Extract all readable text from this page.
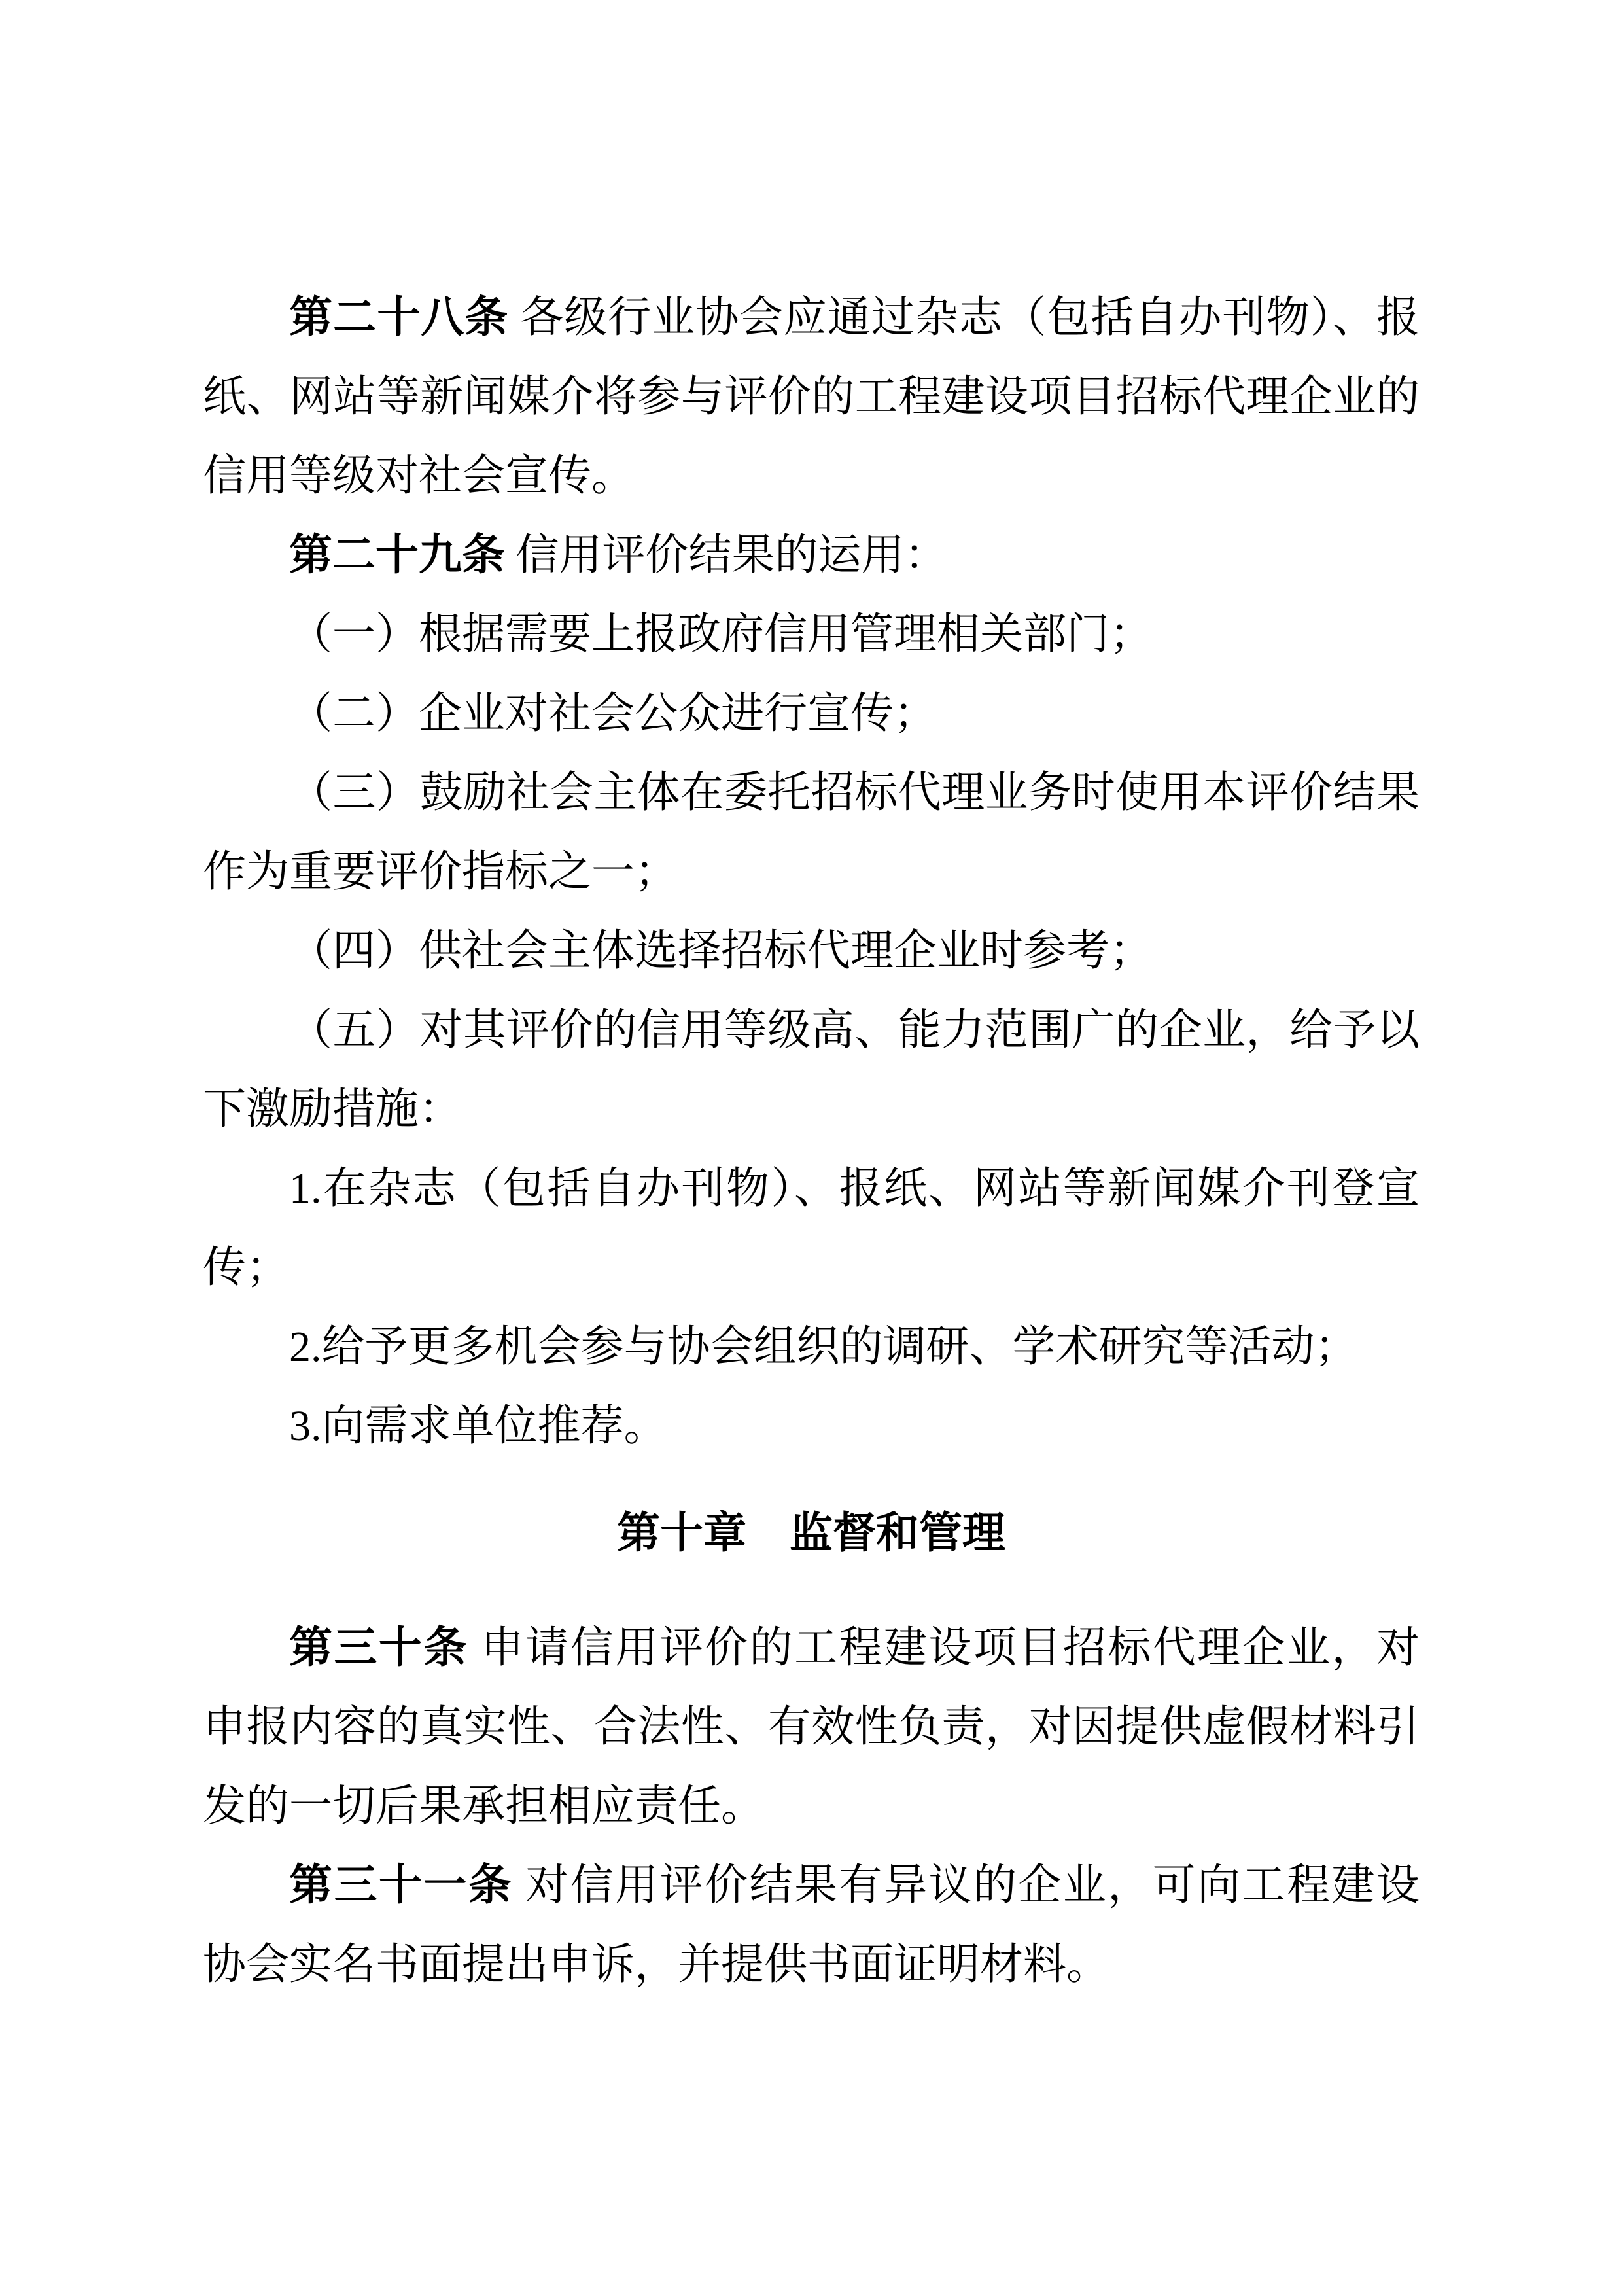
第二十八条 各级行业协会应通过杂志（包括自办刊物）、报纸、网站等新闻媒介将参与评价的工程建设项目招标代理企业的信用等级对社会宣传。

第二十九条 信用评价结果的运用：

（一）根据需要上报政府信用管理相关部门；

（二）企业对社会公众进行宣传；

（三）鼓励社会主体在委托招标代理业务时使用本评价结果作为重要评价指标之一；

（四）供社会主体选择招标代理企业时参考；

（五）对其评价的信用等级高、能力范围广的企业，给予以下激励措施：

1.在杂志（包括自办刊物）、报纸、网站等新闻媒介刊登宣传；

2.给予更多机会参与协会组织的调研、学术研究等活动；

3.向需求单位推荐。

第十章　监督和管理

第三十条 申请信用评价的工程建设项目招标代理企业，对申报内容的真实性、合法性、有效性负责，对因提供虚假材料引发的一切后果承担相应责任。

第三十一条 对信用评价结果有异议的企业，可向工程建设协会实名书面提出申诉，并提供书面证明材料。
